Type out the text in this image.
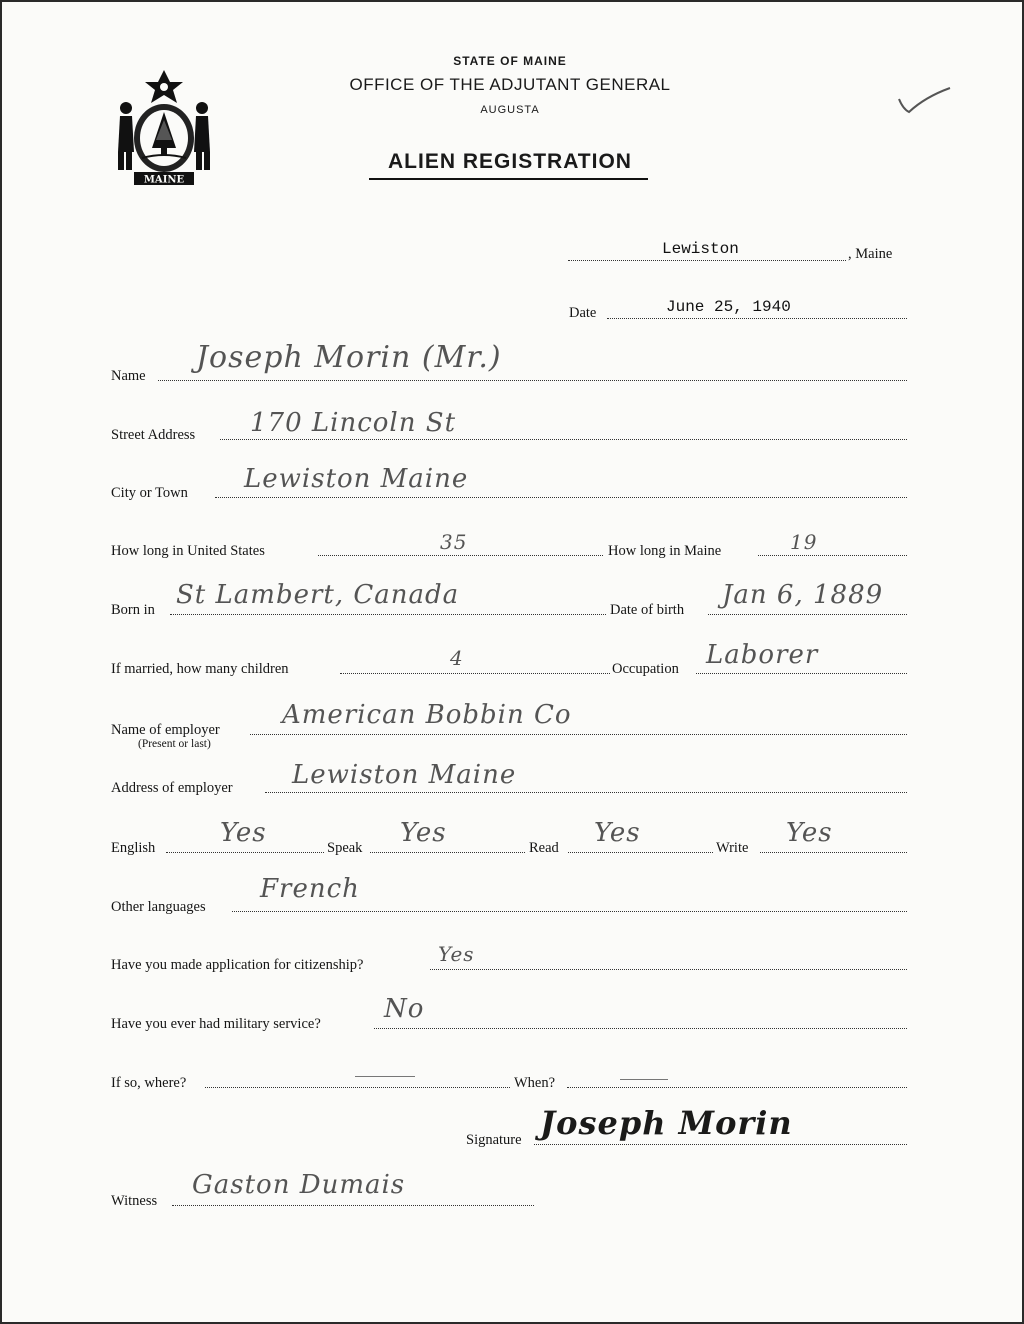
MAINE
STATE OF MAINE
OFFICE OF THE ADJUTANT GENERAL
AUGUSTA
ALIEN REGISTRATION
Lewiston	, Maine
Date	June 25, 1940
Name
Joseph Morin (Mr.)
Street Address 170 Lincoln St
City or Town Lewiston Maine
How long in United States	35	How long in Maine	19
Born in St Lambert, Canada	Date of birth Jan 6, 1889
If married, how many children	4	Occupation Laborer
Name of employer
(Present or last)
American Bobbin Co
Address of employer Lewiston Maine
English Yes	Speak Yes	Read Yes	Write Yes
Other languages
French
Have you made application for citizenship?	Yes
Have you ever had military service? No
If so, where?	When?
Signature Joseph Morin
Witness
Gaston Dumais
